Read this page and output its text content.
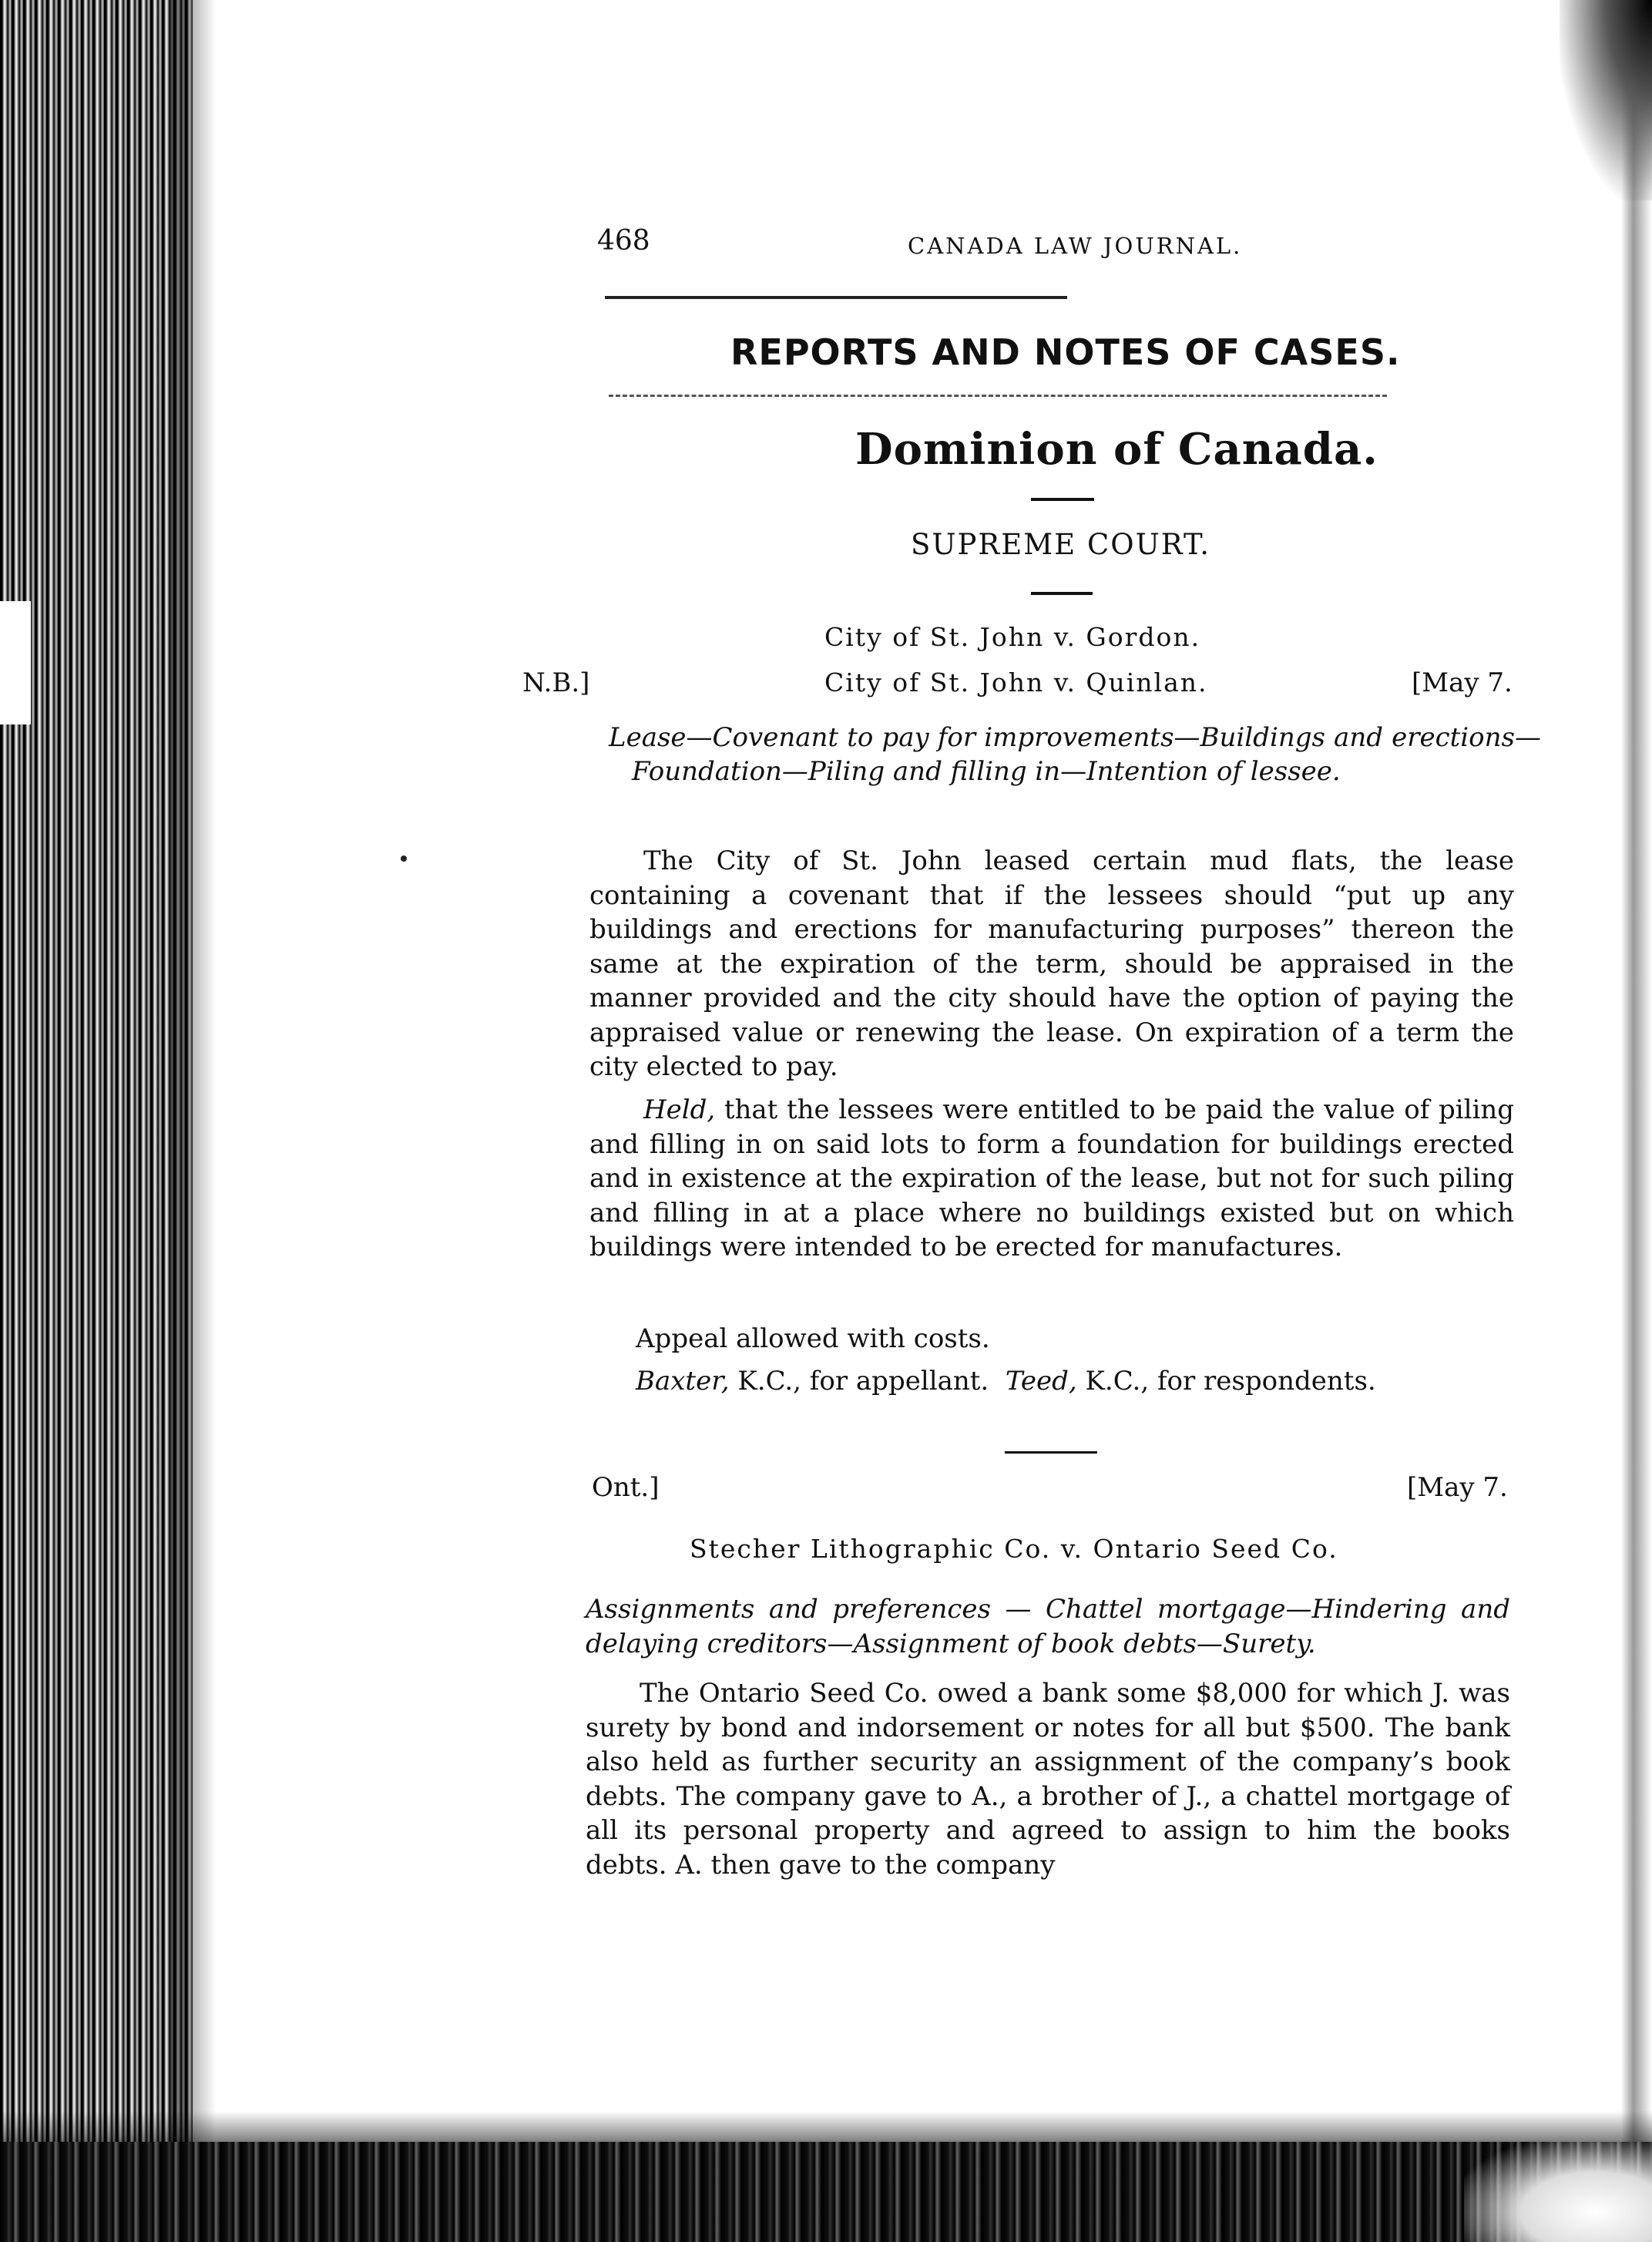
468	CANADA LAW JOURNAL.
REPORTS AND NOTES OF CASES.
Dominion of Canada.
SUPREME COURT.
City of St. John v. Gordon.
N.B.]	City of St. John v. Quinlan.	[May 7.
Lease—Covenant to pay for improvements—Buildings and erections—Foundation—Piling and filling in—Intention of lessee.
The City of St. John leased certain mud flats, the lease containing a covenant that if the lessees should “put up any buildings and erections for manufacturing purposes” thereon the same at the expiration of the term, should be appraised in the manner provided and the city should have the option of paying the appraised value or renewing the lease. On expiration of a term the city elected to pay.
Held, that the lessees were entitled to be paid the value of piling and filling in on said lots to form a foundation for buildings erected and in existence at the expiration of the lease, but not for such piling and filling in at a place where no buildings existed but on which buildings were intended to be erected for manufactures.
Appeal allowed with costs.
Baxter, K.C., for appellant. Teed, K.C., for respondents.
Ont.]	[May 7.
Stecher Lithographic Co. v. Ontario Seed Co.
Assignments and preferences — Chattel mortgage—Hindering and delaying creditors—Assignment of book debts—Surety.
The Ontario Seed Co. owed a bank some $8,000 for which J. was surety by bond and indorsement or notes for all but $500. The bank also held as further security an assignment of the company’s book debts. The company gave to A., a brother of J., a chattel mortgage of all its personal property and agreed to assign to him the books debts. A. then gave to the company
